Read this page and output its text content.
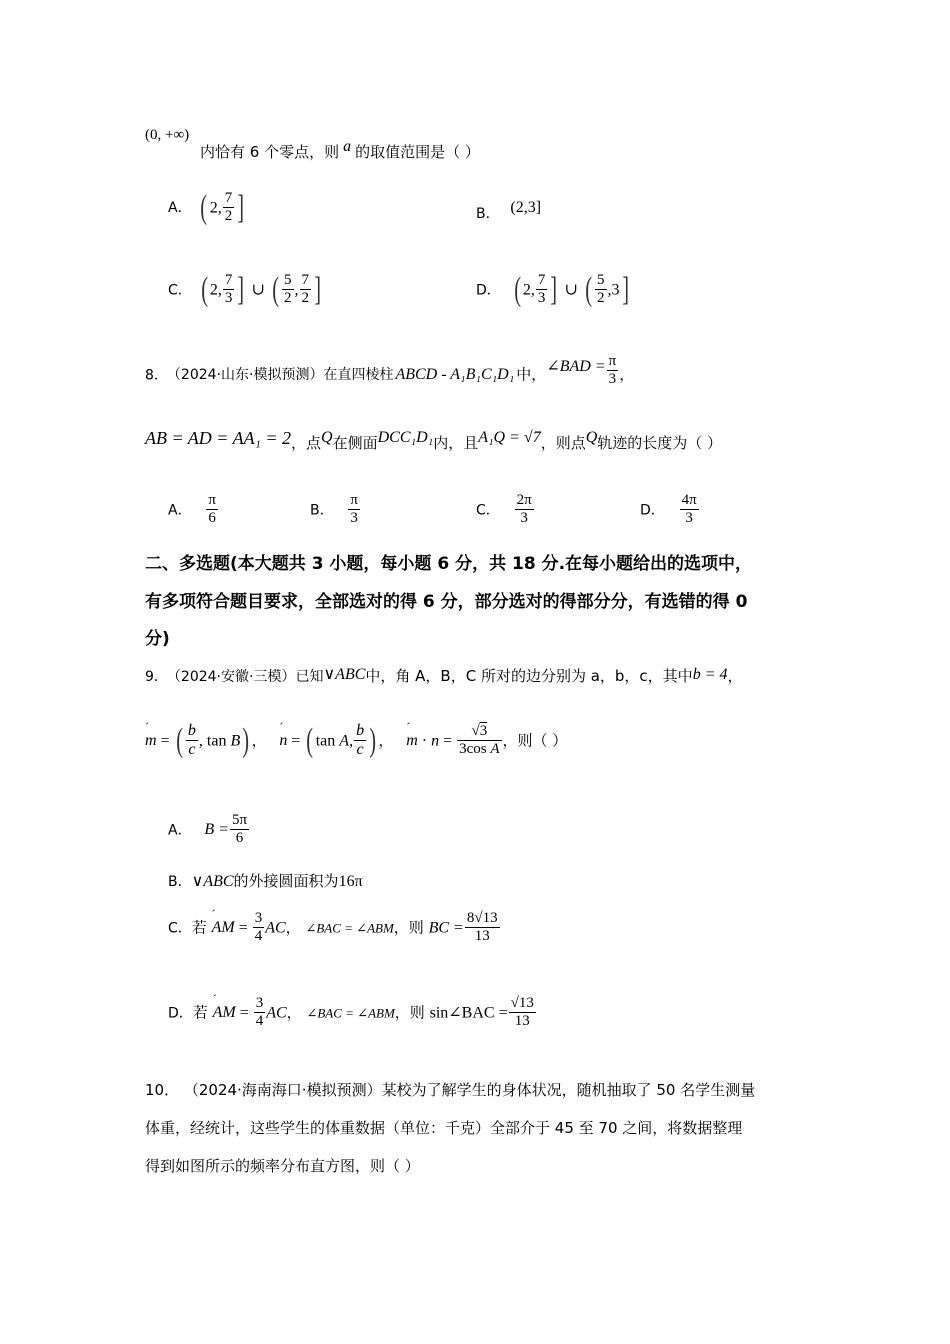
(0, +∞)
内恰有 6 个零点，则 a 的取值范围是（ ）
A． ( 2, $\frac{7}{2}$ ]	B． (2,3]
C． ( 2, $\frac{7}{3}$ ] ∪ ( $\frac{5}{2}$ , $\frac{7}{2}$ ]	D． ( 2, $\frac{7}{3}$ ] ∪ ( $\frac{5}{2} ,3$]
8． （2024·山东·模拟预测）在直四棱柱 ABCD - A₁B₁C₁D₁ 中，∠BAD = $\frac{\pi}{3}$ ，
AB = AD = AA₁ = 2，点Q在侧面DCC₁D₁内，且A₁Q = √7，则点Q轨迹的长度为（ ）
A． $\frac{\pi}{6}$	B． $\frac{\pi}{3}$	C． $\frac{2\pi}{3}$	D． $\frac{4\pi}{3}$
二、多选题(本大题共 3 小题，每小题 6 分，共 18 分.在每小题给出的选项中，
有多项符合题目要求，全部选对的得 6 分，部分选对的得部分分，有选错的得 0
分)
9． （2024·安徽·三模）已知∨ABC中，角 A，B，C 所对的边分别为 a，b，c，其中b = 4，
ˊ m = ( $\frac{b}{c}$ , tan B) ， ˊ n = ( tan A, $\frac{b}{c}$ ) ， ˊ $m \cdot n = \frac{√3}{\text{3cos A}}$ ，则（ ）
A． $B = \frac{5\pi}{6}$
B．∨ABC的外接圆面积为16π
C．若 ˊ AM = $\frac{3}{4}$ AC， ∠BAC = ∠ABM，则 BC = $\frac{8√13}{13}$
D．若 ˊ AM = $\frac{3}{4}$ AC， ∠BAC = ∠ABM，则 sin∠BAC = $\frac{√13}{13}$
10． （2024·海南海口·模拟预测）某校为了解学生的身体状况，随机抽取了 50 名学生测量
体重，经统计，这些学生的体重数据（单位：千克）全部介于 45 至 70 之间，将数据整理
得到如图所示的频率分布直方图，则（ ）
